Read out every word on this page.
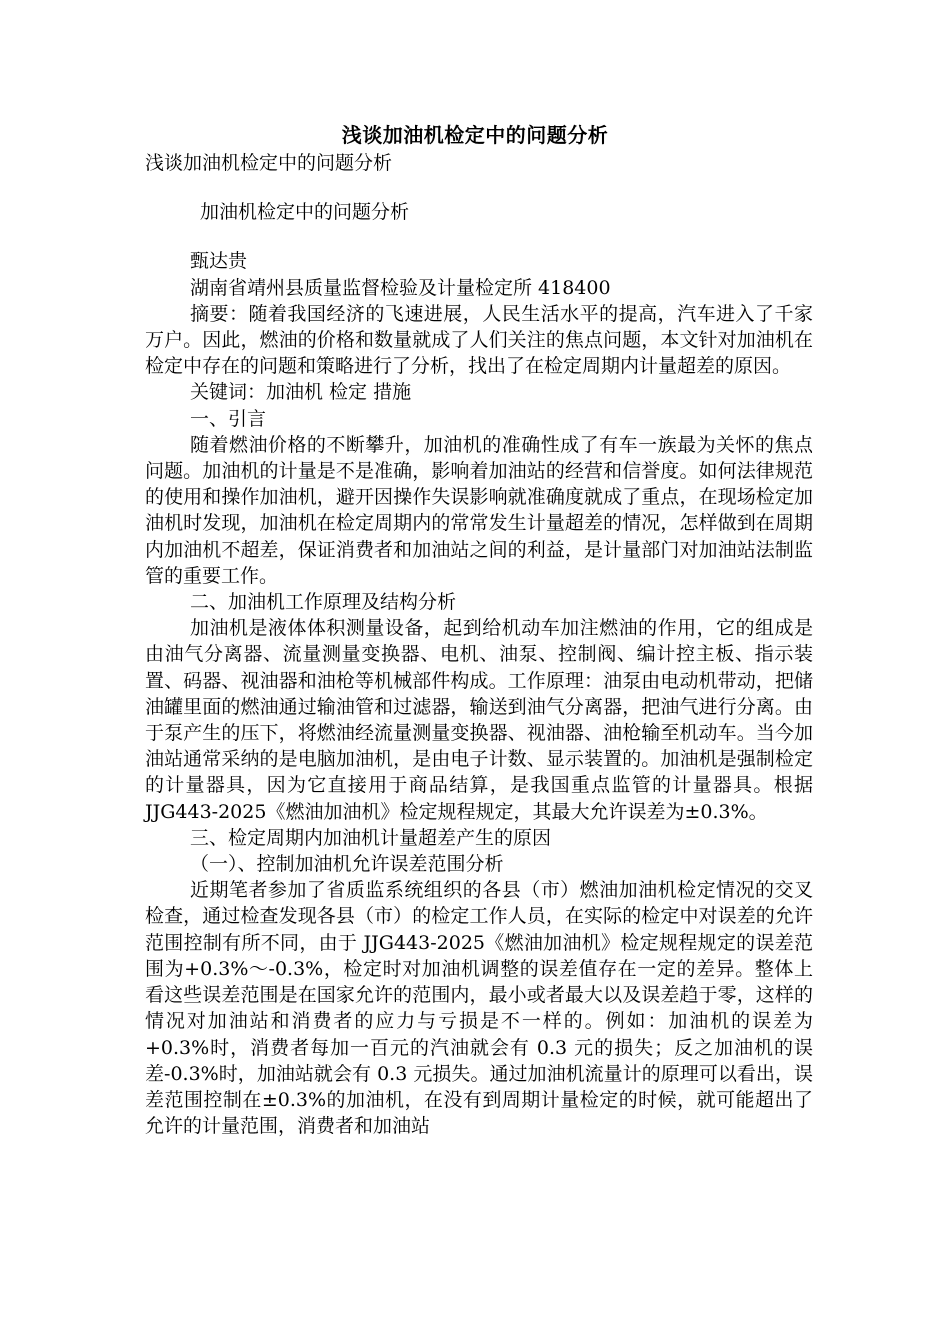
浅谈加油机检定中的问题分析
浅谈加油机检定中的问题分析
加油机检定中的问题分析
甄达贵
湖南省靖州县质量监督检验及计量检定所 418400
摘要：随着我国经济的飞速进展，人民生活水平的提高，汽车进入了千家万户。因此，燃油的价格和数量就成了人们关注的焦点问题，本文针对加油机在检定中存在的问题和策略进行了分析，找出了在检定周期内计量超差的原因。
关键词：加油机 检定 措施
一、引言
随着燃油价格的不断攀升，加油机的准确性成了有车一族最为关怀的焦点问题。加油机的计量是不是准确，影响着加油站的经营和信誉度。如何法律规范的使用和操作加油机，避开因操作失误影响就准确度就成了重点，在现场检定加油机时发现，加油机在检定周期内的常常发生计量超差的情况，怎样做到在周期内加油机不超差，保证消费者和加油站之间的利益，是计量部门对加油站法制监管的重要工作。
二、加油机工作原理及结构分析
加油机是液体体积测量设备，起到给机动车加注燃油的作用，它的组成是由油气分离器、流量测量变换器、电机、油泵、控制阀、编计控主板、指示装置、码器、视油器和油枪等机械部件构成。工作原理：油泵由电动机带动，把储油罐里面的燃油通过输油管和过滤器，输送到油气分离器，把油气进行分离。由于泵产生的压下，将燃油经流量测量变换器、视油器、油枪输至机动车。当今加油站通常采纳的是电脑加油机，是由电子计数、显示装置的。加油机是强制检定的计量器具，因为它直接用于商品结算，是我国重点监管的计量器具。根据 JJG443-2025《燃油加油机》检定规程规定，其最大允许误差为±0.3%。
三、检定周期内加油机计量超差产生的原因
（一）、控制加油机允许误差范围分析
近期笔者参加了省质监系统组织的各县（市）燃油加油机检定情况的交叉检查，通过检查发现各县（市）的检定工作人员，在实际的检定中对误差的允许范围控制有所不同，由于 JJG443-2025《燃油加油机》检定规程规定的误差范围为+0.3%～-0.3%，检定时对加油机调整的误差值存在一定的差异。整体上看这些误差范围是在国家允许的范围内，最小或者最大以及误差趋于零，这样的情况对加油站和消费者的应力与亏损是不一样的。例如：加油机的误差为+0.3%时，消费者每加一百元的汽油就会有 0.3 元的损失；反之加油机的误差-0.3%时，加油站就会有 0.3 元损失。通过加油机流量计的原理可以看出，误差范围控制在±0.3%的加油机，在没有到周期计量检定的时候，就可能超出了允许的计量范围，消费者和加油站
